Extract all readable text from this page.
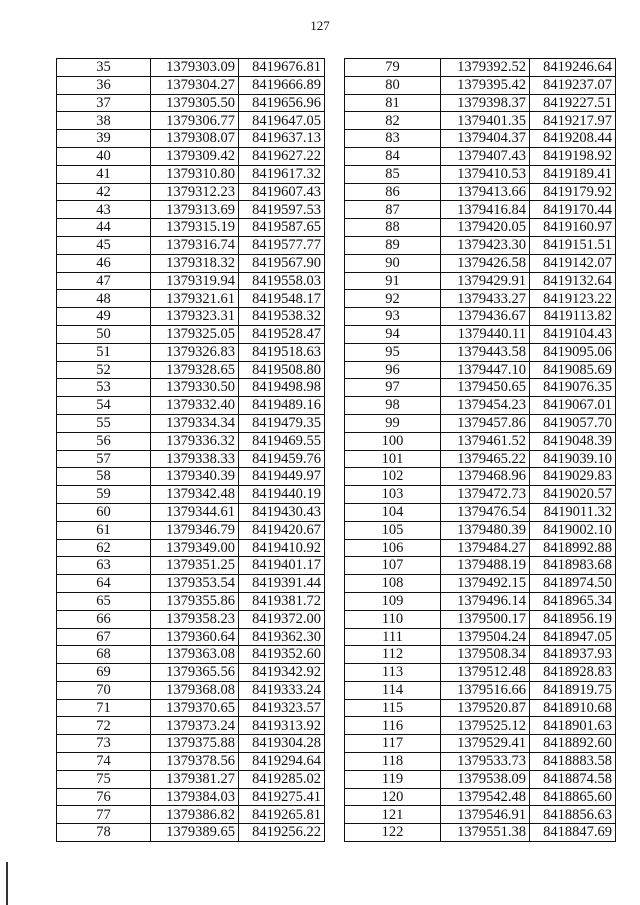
127
35	1379303.09	8419676.81
36	1379304.27	8419666.89
37	1379305.50	8419656.96
38	1379306.77	8419647.05
39	1379308.07	8419637.13
40	1379309.42	8419627.22
41	1379310.80	8419617.32
42	1379312.23	8419607.43
43	1379313.69	8419597.53
44	1379315.19	8419587.65
45	1379316.74	8419577.77
46	1379318.32	8419567.90
47	1379319.94	8419558.03
48	1379321.61	8419548.17
49	1379323.31	8419538.32
50	1379325.05	8419528.47
51	1379326.83	8419518.63
52	1379328.65	8419508.80
53	1379330.50	8419498.98
54	1379332.40	8419489.16
55	1379334.34	8419479.35
56	1379336.32	8419469.55
57	1379338.33	8419459.76
58	1379340.39	8419449.97
59	1379342.48	8419440.19
60	1379344.61	8419430.43
61	1379346.79	8419420.67
62	1379349.00	8419410.92
63	1379351.25	8419401.17
64	1379353.54	8419391.44
65	1379355.86	8419381.72
66	1379358.23	8419372.00
67	1379360.64	8419362.30
68	1379363.08	8419352.60
69	1379365.56	8419342.92
70	1379368.08	8419333.24
71	1379370.65	8419323.57
72	1379373.24	8419313.92
73	1379375.88	8419304.28
74	1379378.56	8419294.64
75	1379381.27	8419285.02
76	1379384.03	8419275.41
77	1379386.82	8419265.81
78	1379389.65	8419256.22
79	1379392.52	8419246.64
80	1379395.42	8419237.07
81	1379398.37	8419227.51
82	1379401.35	8419217.97
83	1379404.37	8419208.44
84	1379407.43	8419198.92
85	1379410.53	8419189.41
86	1379413.66	8419179.92
87	1379416.84	8419170.44
88	1379420.05	8419160.97
89	1379423.30	8419151.51
90	1379426.58	8419142.07
91	1379429.91	8419132.64
92	1379433.27	8419123.22
93	1379436.67	8419113.82
94	1379440.11	8419104.43
95	1379443.58	8419095.06
96	1379447.10	8419085.69
97	1379450.65	8419076.35
98	1379454.23	8419067.01
99	1379457.86	8419057.70
100	1379461.52	8419048.39
101	1379465.22	8419039.10
102	1379468.96	8419029.83
103	1379472.73	8419020.57
104	1379476.54	8419011.32
105	1379480.39	8419002.10
106	1379484.27	8418992.88
107	1379488.19	8418983.68
108	1379492.15	8418974.50
109	1379496.14	8418965.34
110	1379500.17	8418956.19
111	1379504.24	8418947.05
112	1379508.34	8418937.93
113	1379512.48	8418928.83
114	1379516.66	8418919.75
115	1379520.87	8418910.68
116	1379525.12	8418901.63
117	1379529.41	8418892.60
118	1379533.73	8418883.58
119	1379538.09	8418874.58
120	1379542.48	8418865.60
121	1379546.91	8418856.63
122	1379551.38	8418847.69
